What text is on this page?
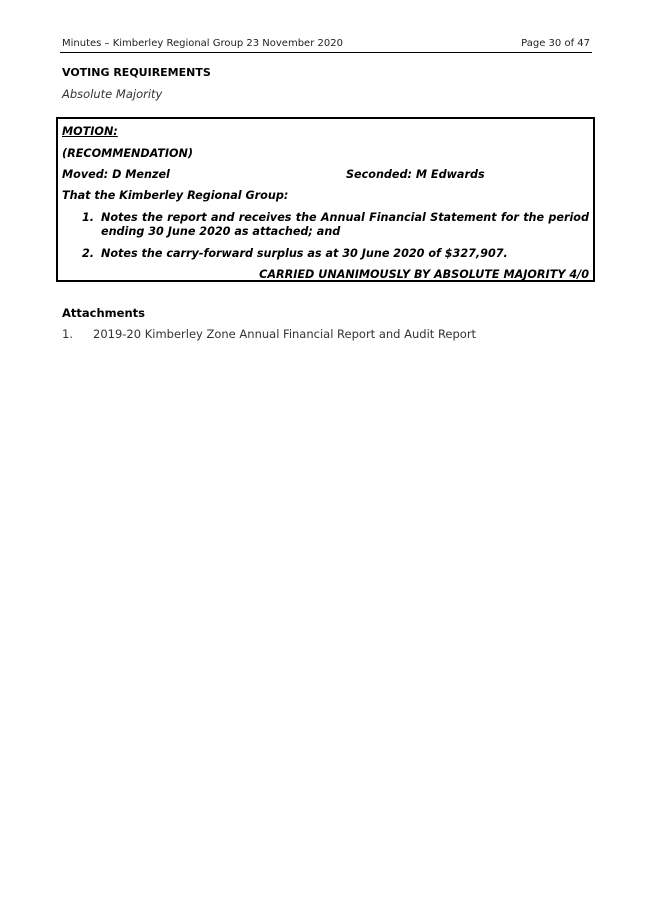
Minutes – Kimberley Regional Group 23 November 2020	Page 30 of 47
VOTING REQUIREMENTS
Absolute Majority
MOTION:
(RECOMMENDATION)
Moved: D Menzel	Seconded: M Edwards
That the Kimberley Regional Group:
1. Notes the report and receives the Annual Financial Statement for the period ending 30 June 2020 as attached; and
2. Notes the carry-forward surplus as at 30 June 2020 of $327,907.
CARRIED UNANIMOUSLY BY ABSOLUTE MAJORITY 4/0
Attachments
1. 2019-20 Kimberley Zone Annual Financial Report and Audit Report
